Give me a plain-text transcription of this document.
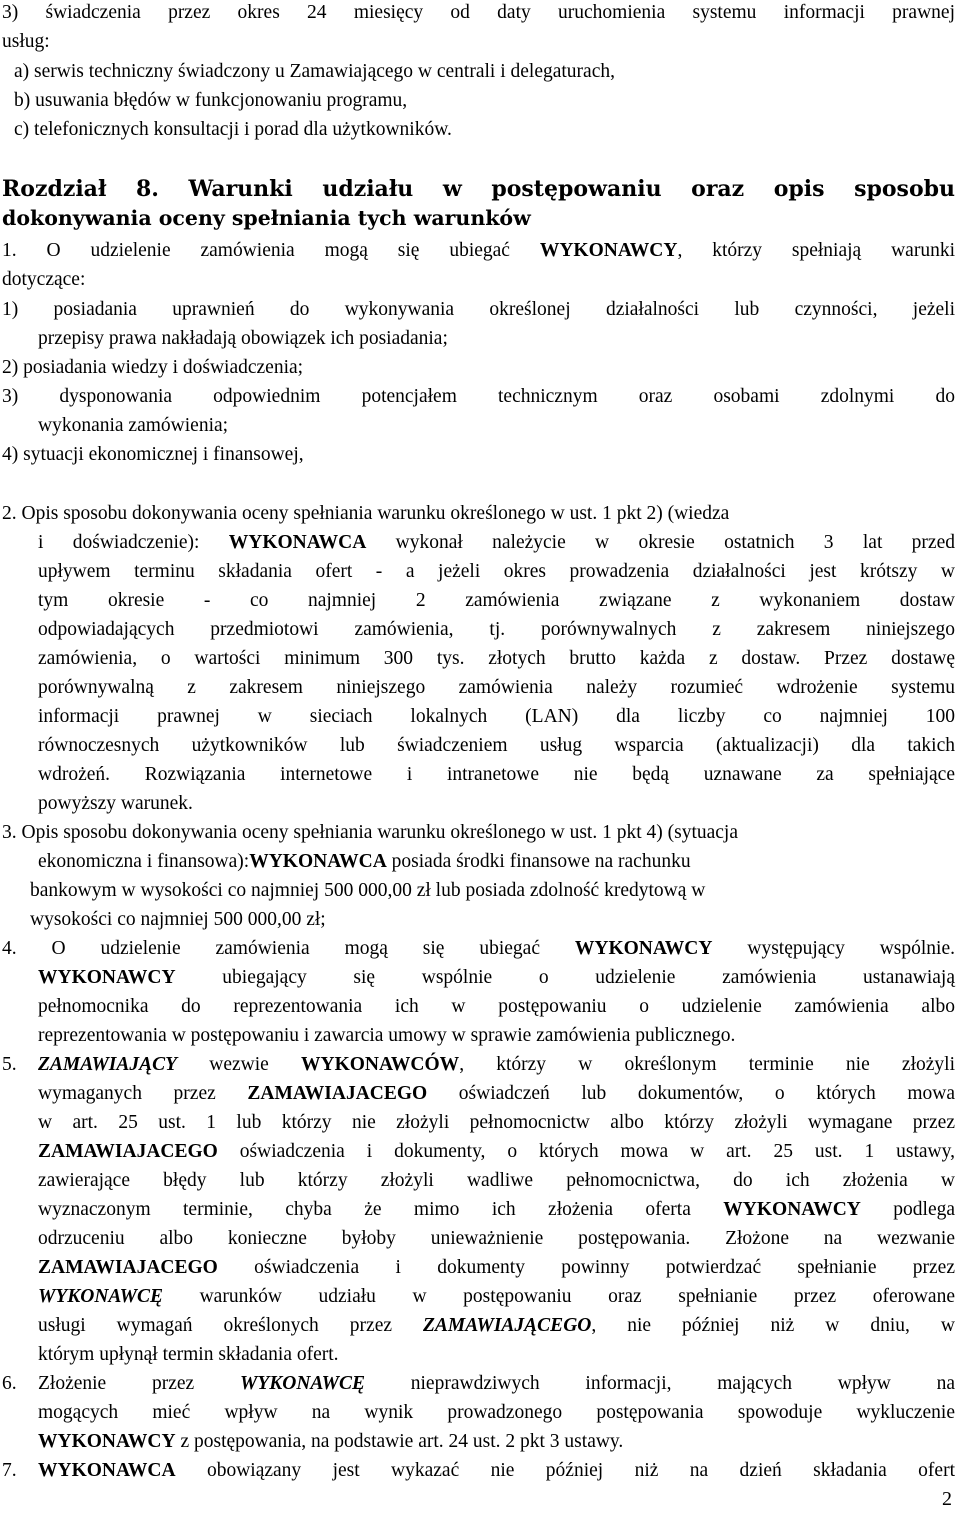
3) świadczenia przez okres 24 miesięcy od daty uruchomienia systemu informacji prawnej

usług:

a) serwis techniczny świadczony u Zamawiającego w centrali i delegaturach,

b) usuwania błędów w funkcjonowaniu programu,

c) telefonicznych konsultacji i porad dla użytkowników.

Rozdział 8. Warunki udziału w postępowaniu oraz opis sposobu

dokonywania oceny spełniania tych warunków

1. O udzielenie zamówienia mogą się ubiegać WYKONAWCY, którzy spełniają warunki

dotyczące:

1) posiadania uprawnień do wykonywania określonej działalności lub czynności, jeżeli

przepisy prawa nakładają obowiązek ich posiadania;

2) posiadania wiedzy i doświadczenia;

3) dysponowania odpowiednim potencjałem technicznym oraz osobami zdolnymi do

wykonania zamówienia;

4) sytuacji ekonomicznej i finansowej,

2. Opis sposobu dokonywania oceny spełniania warunku określonego w ust. 1 pkt 2) (wiedza

i doświadczenie): WYKONAWCA wykonał należycie w okresie ostatnich 3 lat przed

upływem terminu składania ofert - a jeżeli okres prowadzenia działalności jest krótszy w

tym okresie - co najmniej 2 zamówienia związane z wykonaniem dostaw

odpowiadających przedmiotowi zamówienia, tj. porównywalnych z zakresem niniejszego

zamówienia, o wartości minimum 300 tys. złotych brutto każda z dostaw. Przez dostawę

porównywalną z zakresem niniejszego zamówienia należy rozumieć wdrożenie systemu

informacji prawnej w sieciach lokalnych (LAN) dla liczby co najmniej 100

równoczesnych użytkowników lub świadczeniem usług wsparcia (aktualizacji) dla takich

wdrożeń. Rozwiązania internetowe i intranetowe nie będą uznawane za spełniające

powyższy warunek.

3. Opis sposobu dokonywania oceny spełniania warunku określonego w ust. 1 pkt 4) (sytuacja

ekonomiczna i finansowa):WYKONAWCA posiada środki finansowe na rachunku

bankowym w wysokości co najmniej 500 000,00 zł lub posiada zdolność kredytową w

wysokości co najmniej 500 000,00 zł;

4. O udzielenie zamówienia mogą się ubiegać WYKONAWCY występujący wspólnie.

WYKONAWCY ubiegający się wspólnie o udzielenie zamówienia ustanawiają

pełnomocnika do reprezentowania ich w postępowaniu o udzielenie zamówienia albo

reprezentowania w postępowaniu i zawarcia umowy w sprawie zamówienia publicznego.

5. ZAMAWIAJĄCY wezwie WYKONAWCÓW, którzy w określonym terminie nie złożyli

wymaganych przez ZAMAWIAJACEGO oświadczeń lub dokumentów, o których mowa

w art. 25 ust. 1 lub którzy nie złożyli pełnomocnictw albo którzy złożyli wymagane przez

ZAMAWIAJACEGO oświadczenia i dokumenty, o których mowa w art. 25 ust. 1 ustawy,

zawierające błędy lub którzy złożyli wadliwe pełnomocnictwa, do ich złożenia w

wyznaczonym terminie, chyba że mimo ich złożenia oferta WYKONAWCY podlega

odrzuceniu albo konieczne byłoby unieważnienie postępowania. Złożone na wezwanie

ZAMAWIAJACEGO oświadczenia i dokumenty powinny potwierdzać spełnianie przez

WYKONAWCĘ warunków udziału w postępowaniu oraz spełnianie przez oferowane

usługi wymagań określonych przez ZAMAWIAJĄCEGO, nie później niż w dniu, w

którym upłynął termin składania ofert.

6. Złożenie przez WYKONAWCĘ nieprawdziwych informacji, mających wpływ na

mogących mieć wpływ na wynik prowadzonego postępowania spowoduje wykluczenie

WYKONAWCY z postępowania, na podstawie art. 24 ust. 2 pkt 3 ustawy.

7. WYKONAWCA obowiązany jest wykazać nie później niż na dzień składania ofert

2
